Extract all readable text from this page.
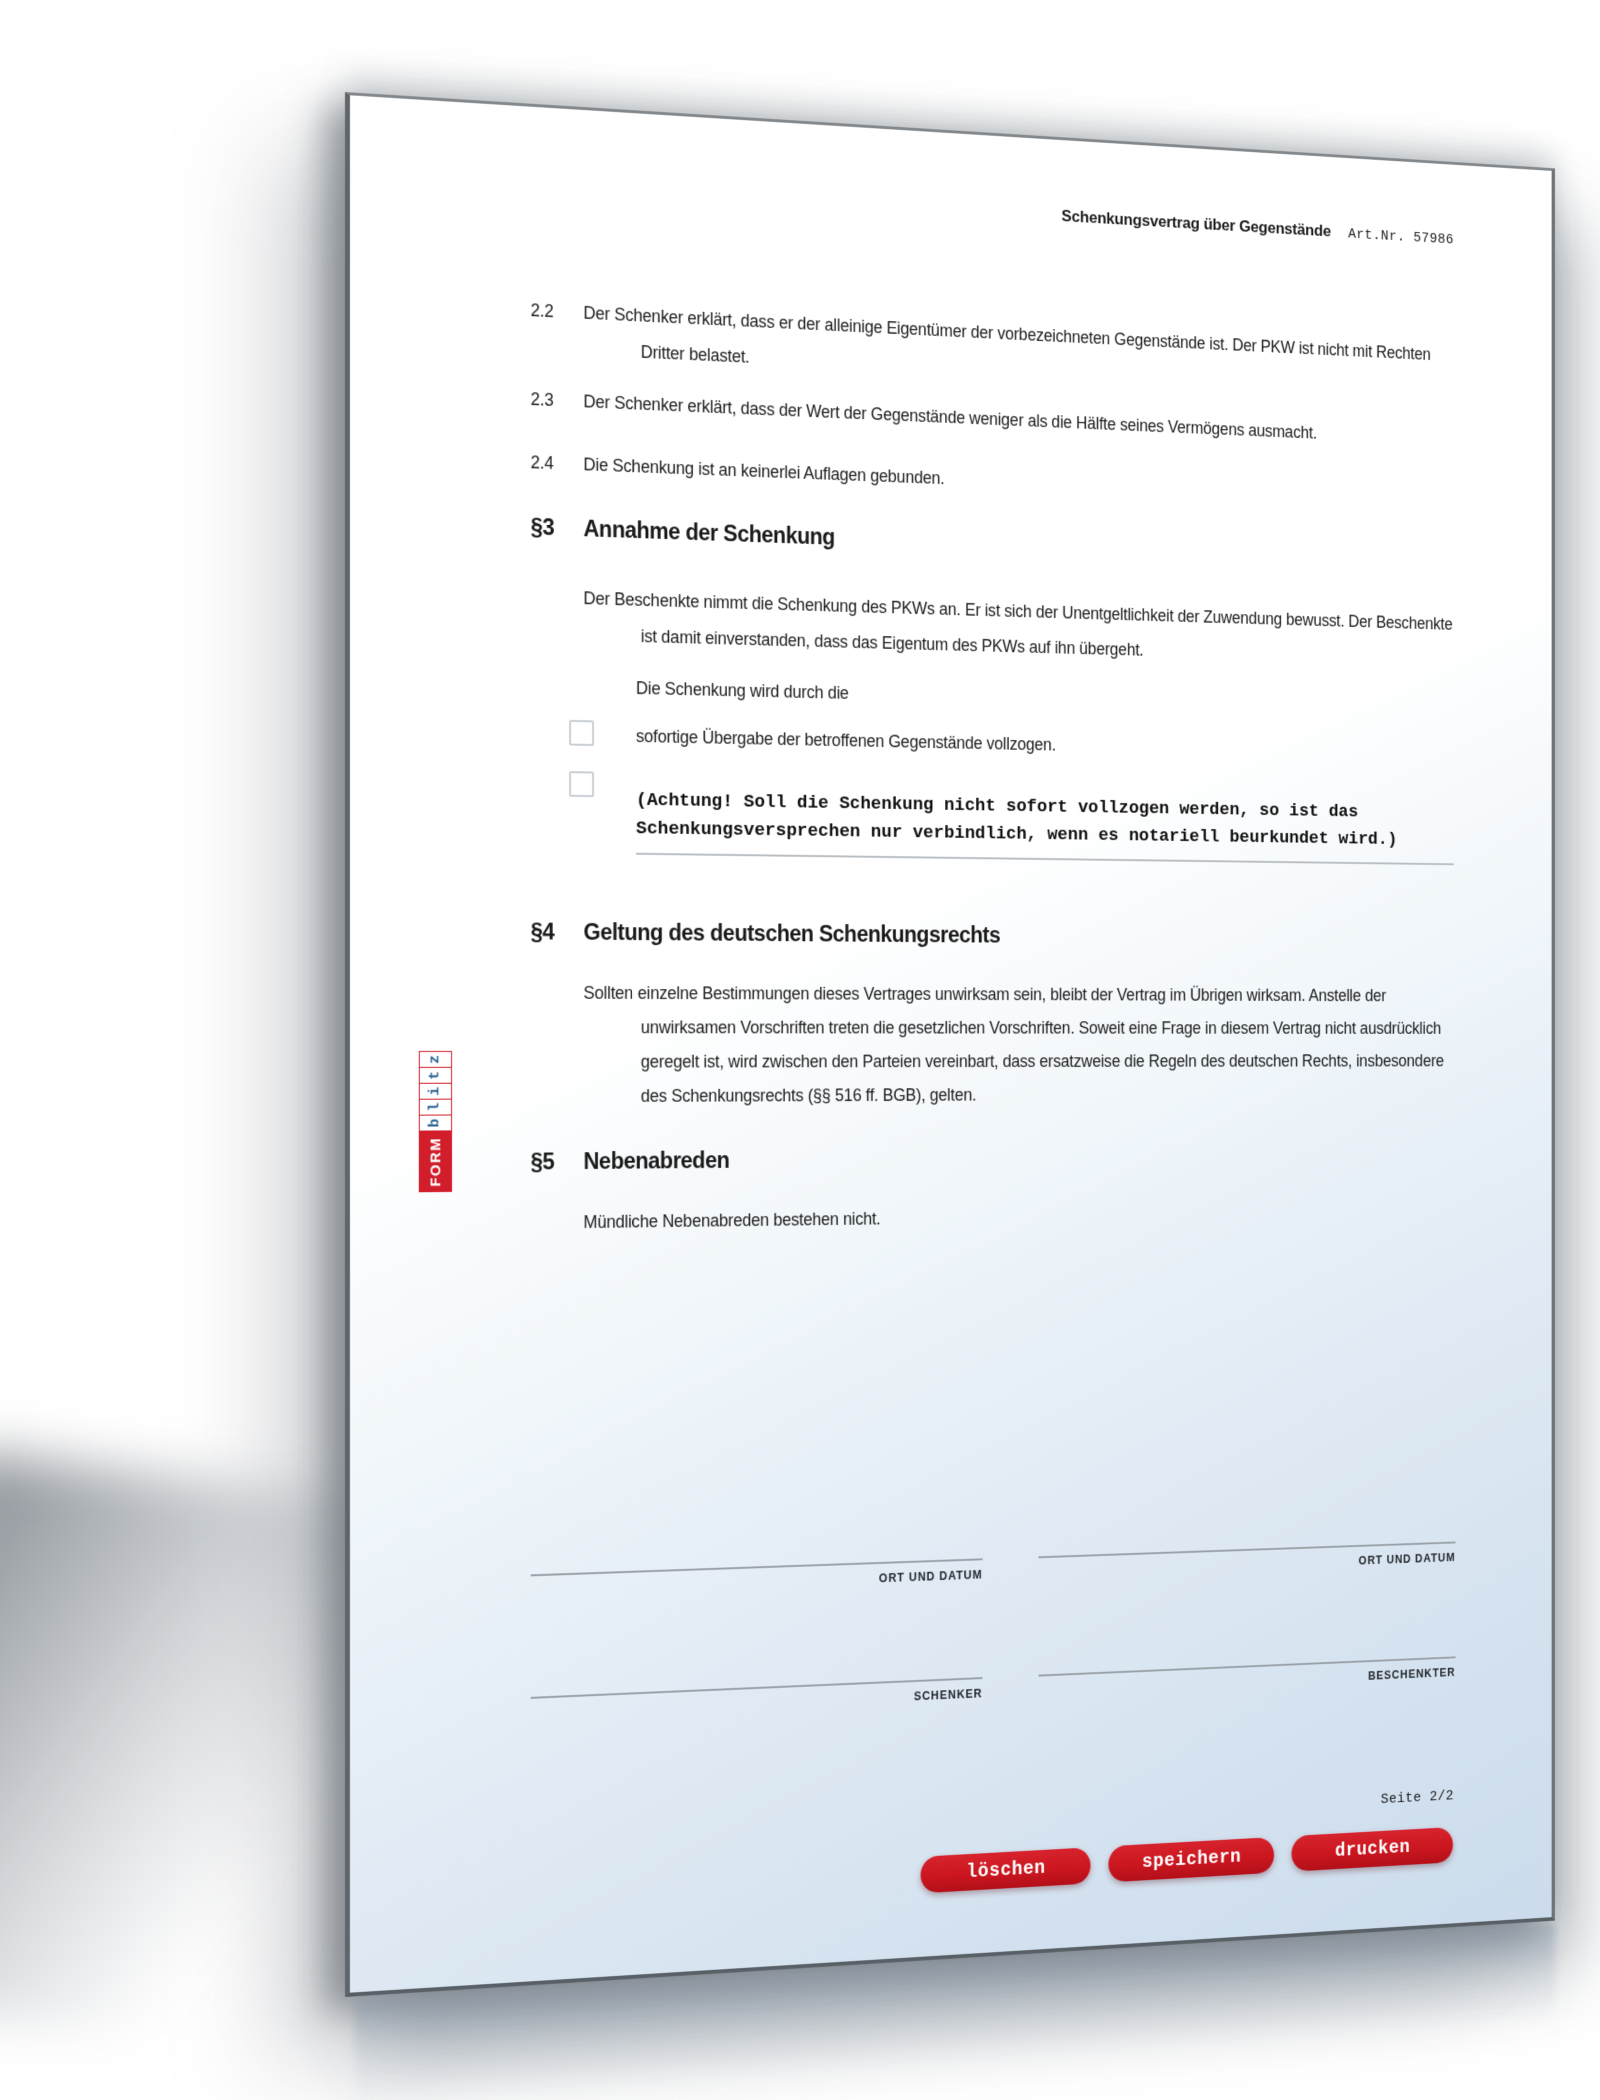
Schenkungsvertrag über Gegenstände Art.Nr. 57986
2.2	Der Schenker erklärt, dass er der alleinige Eigentümer der vorbezeichneten Gegenstände ist. Der PKW ist nicht mit Rechten Dritter belastet.
2.3	Der Schenker erklärt, dass der Wert der Gegenstände weniger als die Hälfte seines Vermögens ausmacht.
2.4	Die Schenkung ist an keinerlei Auflagen gebunden.
§3	Annahme der Schenkung
Der Beschenkte nimmt die Schenkung des PKWs an. Er ist sich der Unentgeltlichkeit der Zuwendung bewusst. Der Beschenkte ist damit einverstanden, dass das Eigentum des PKWs auf ihn übergeht.
Die Schenkung wird durch die
sofortige Übergabe der betroffenen Gegenstände vollzogen.
(Achtung! Soll die Schenkung nicht sofort vollzogen werden, so ist das Schenkungsversprechen nur verbindlich, wenn es notariell beurkundet wird.)
§4	Geltung des deutschen Schenkungsrechts
Sollten einzelne Bestimmungen dieses Vertrages unwirksam sein, bleibt der Vertrag im Übrigen wirksam. Anstelle der unwirksamen Vorschriften treten die gesetzlichen Vorschriften. Soweit eine Frage in diesem Vertrag nicht ausdrücklich geregelt ist, wird zwischen den Parteien vereinbart, dass ersatzweise die Regeln des deutschen Rechts, insbesondere des Schenkungsrechts (§§ 516 ff. BGB), gelten.
§5	Nebenabreden
Mündliche Nebenabreden bestehen nicht.
z
t
i
l
b
FORM
ORT UND DATUM
SCHENKER
ORT UND DATUM
BESCHENKTER
Seite 2/2
löschen	speichern	drucken
